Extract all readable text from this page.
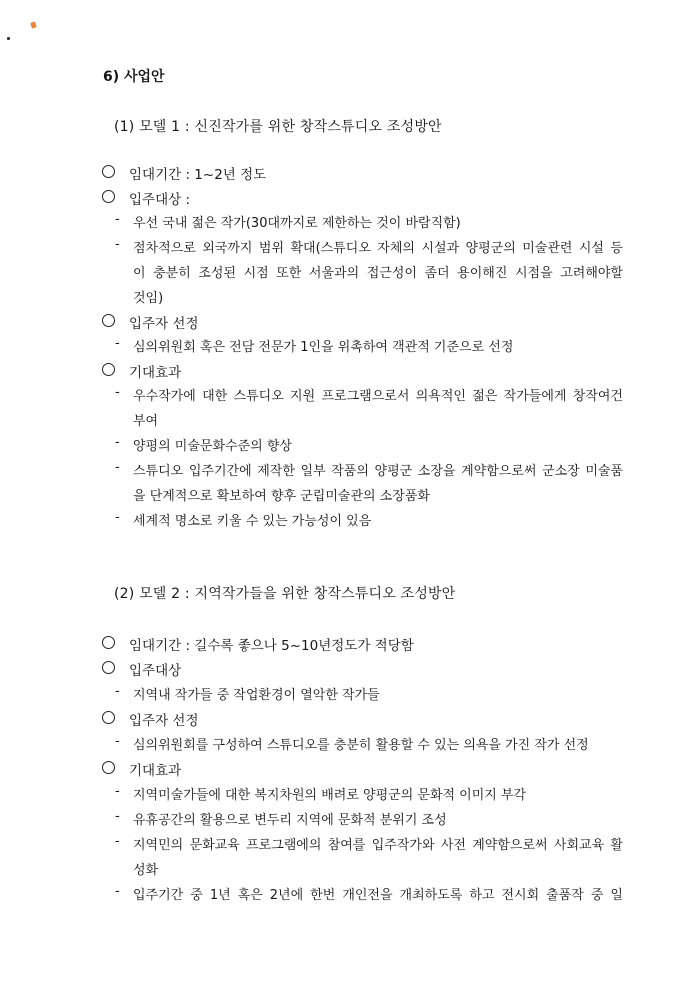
6) 사업안
(1) 모델 1 : 신진작가를 위한 창작스튜디오 조성방안
임대기간 : 1~2년 정도
입주대상 :
- 우선 국내 젊은 작가(30대까지로 제한하는 것이 바람직함)
- 점차적으로 외국까지 범위 확대(스튜디오 자체의 시설과 양평군의 미술관련 시설 등
이 충분히 조성된 시점 또한 서울과의 접근성이 좀더 용이해진 시점을 고려해야할
것임)
입주자 선정
- 심의위원회 혹은 전담 전문가 1인을 위촉하여 객관적 기준으로 선정
기대효과
- 우수작가에 대한 스튜디오 지원 프로그램으로서 의욕적인 젊은 작가들에게 창작여건
부여
- 양평의 미술문화수준의 향상
- 스튜디오 입주기간에 제작한 일부 작품의 양평군 소장을 계약함으로써 군소장 미술품
을 단계적으로 확보하여 향후 군립미술관의 소장품화
- 세계적 명소로 키울 수 있는 가능성이 있음
(2) 모델 2 : 지역작가들을 위한 창작스튜디오 조성방안
임대기간 : 길수록 좋으나 5~10년정도가 적당함
입주대상
- 지역내 작가들 중 작업환경이 열악한 작가들
입주자 선정
- 심의위원회를 구성하여 스튜디오를 충분히 활용할 수 있는 의욕을 가진 작가 선정
기대효과
- 지역미술가들에 대한 복지차원의 배려로 양평군의 문화적 이미지 부각
- 유휴공간의 활용으로 변두리 지역에 문화적 분위기 조성
- 지역민의 문화교육 프로그램에의 참여를 입주작가와 사전 계약함으로써 사회교육 활
성화
- 입주기간 중 1년 혹은 2년에 한번 개인전을 개최하도록 하고 전시회 출품작 중 일
